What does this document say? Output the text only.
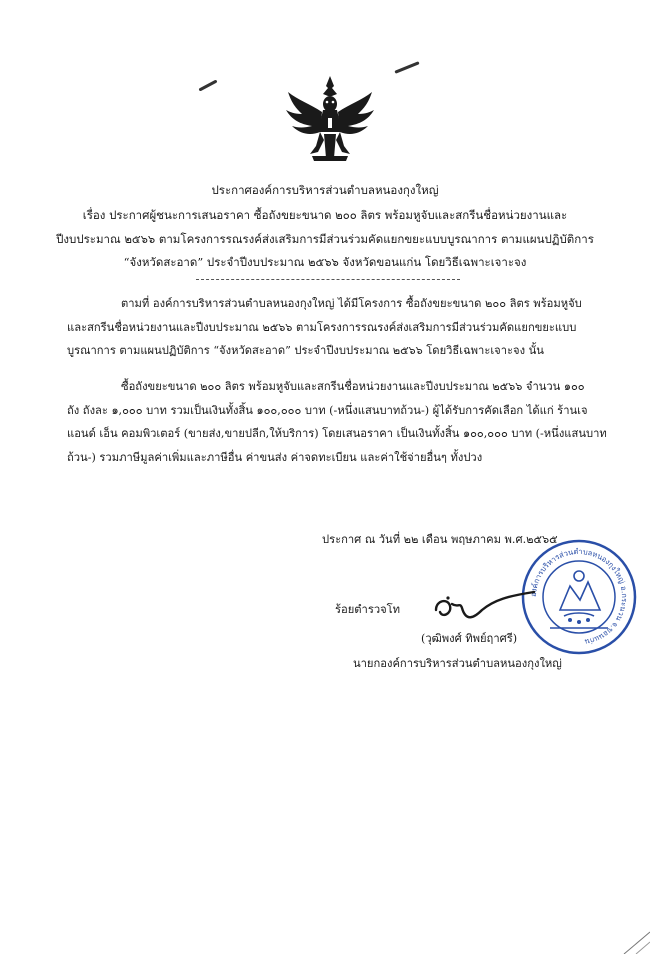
ประกาศองค์การบริหารส่วนตำบลหนองกุงใหญ่
เรื่อง ประกาศผู้ชนะการเสนอราคา ซื้อถังขยะขนาด ๒๐๐ ลิตร พร้อมหูจับและสกรีนชื่อหน่วยงานและ
ปีงบประมาณ ๒๕๖๖ ตามโครงการรณรงค์ส่งเสริมการมีส่วนร่วมคัดแยกขยะแบบบูรณาการ ตามแผนปฏิบัติการ
“จังหวัดสะอาด” ประจำปีงบประมาณ ๒๕๖๖ จังหวัดขอนแก่น โดยวิธีเฉพาะเจาะจง
ตามที่ องค์การบริหารส่วนตำบลหนองกุงใหญ่ ได้มีโครงการ ซื้อถังขยะขนาด ๒๐๐ ลิตร พร้อมหูจับ
และสกรีนชื่อหน่วยงานและปีงบประมาณ ๒๕๖๖ ตามโครงการรณรงค์ส่งเสริมการมีส่วนร่วมคัดแยกขยะแบบ
บูรณาการ ตามแผนปฏิบัติการ “จังหวัดสะอาด” ประจำปีงบประมาณ ๒๕๖๖ โดยวิธีเฉพาะเจาะจง นั้น
ซื้อถังขยะขนาด ๒๐๐ ลิตร พร้อมหูจับและสกรีนชื่อหน่วยงานและปีงบประมาณ ๒๕๖๖ จำนวน ๑๐๐
ถัง ถังละ ๑,๐๐๐ บาท รวมเป็นเงินทั้งสิ้น ๑๐๐,๐๐๐ บาท (-หนึ่งแสนบาทถ้วน-) ผู้ได้รับการคัดเลือก ได้แก่ ร้านเจ
แอนด์ เอ็น คอมพิวเตอร์ (ขายส่ง,ขายปลีก,ให้บริการ) โดยเสนอราคา เป็นเงินทั้งสิ้น ๑๐๐,๐๐๐ บาท (-หนึ่งแสนบาท
ถ้วน-) รวมภาษีมูลค่าเพิ่มและภาษีอื่น ค่าขนส่ง ค่าจดทะเบียน และค่าใช้จ่ายอื่นๆ ทั้งปวง
ประกาศ ณ วันที่ ๒๒ เดือน พฤษภาคม พ.ศ.๒๕๖๕
องค์การบริหารส่วนตำบลหนองกุงใหญ่ อ.กระนวน จ.ขอนแก่น
ร้อยตำรวจโท
(วุฒิพงศ์ ทิพย์ฤาศรี)
นายกองค์การบริหารส่วนตำบลหนองกุงใหญ่
